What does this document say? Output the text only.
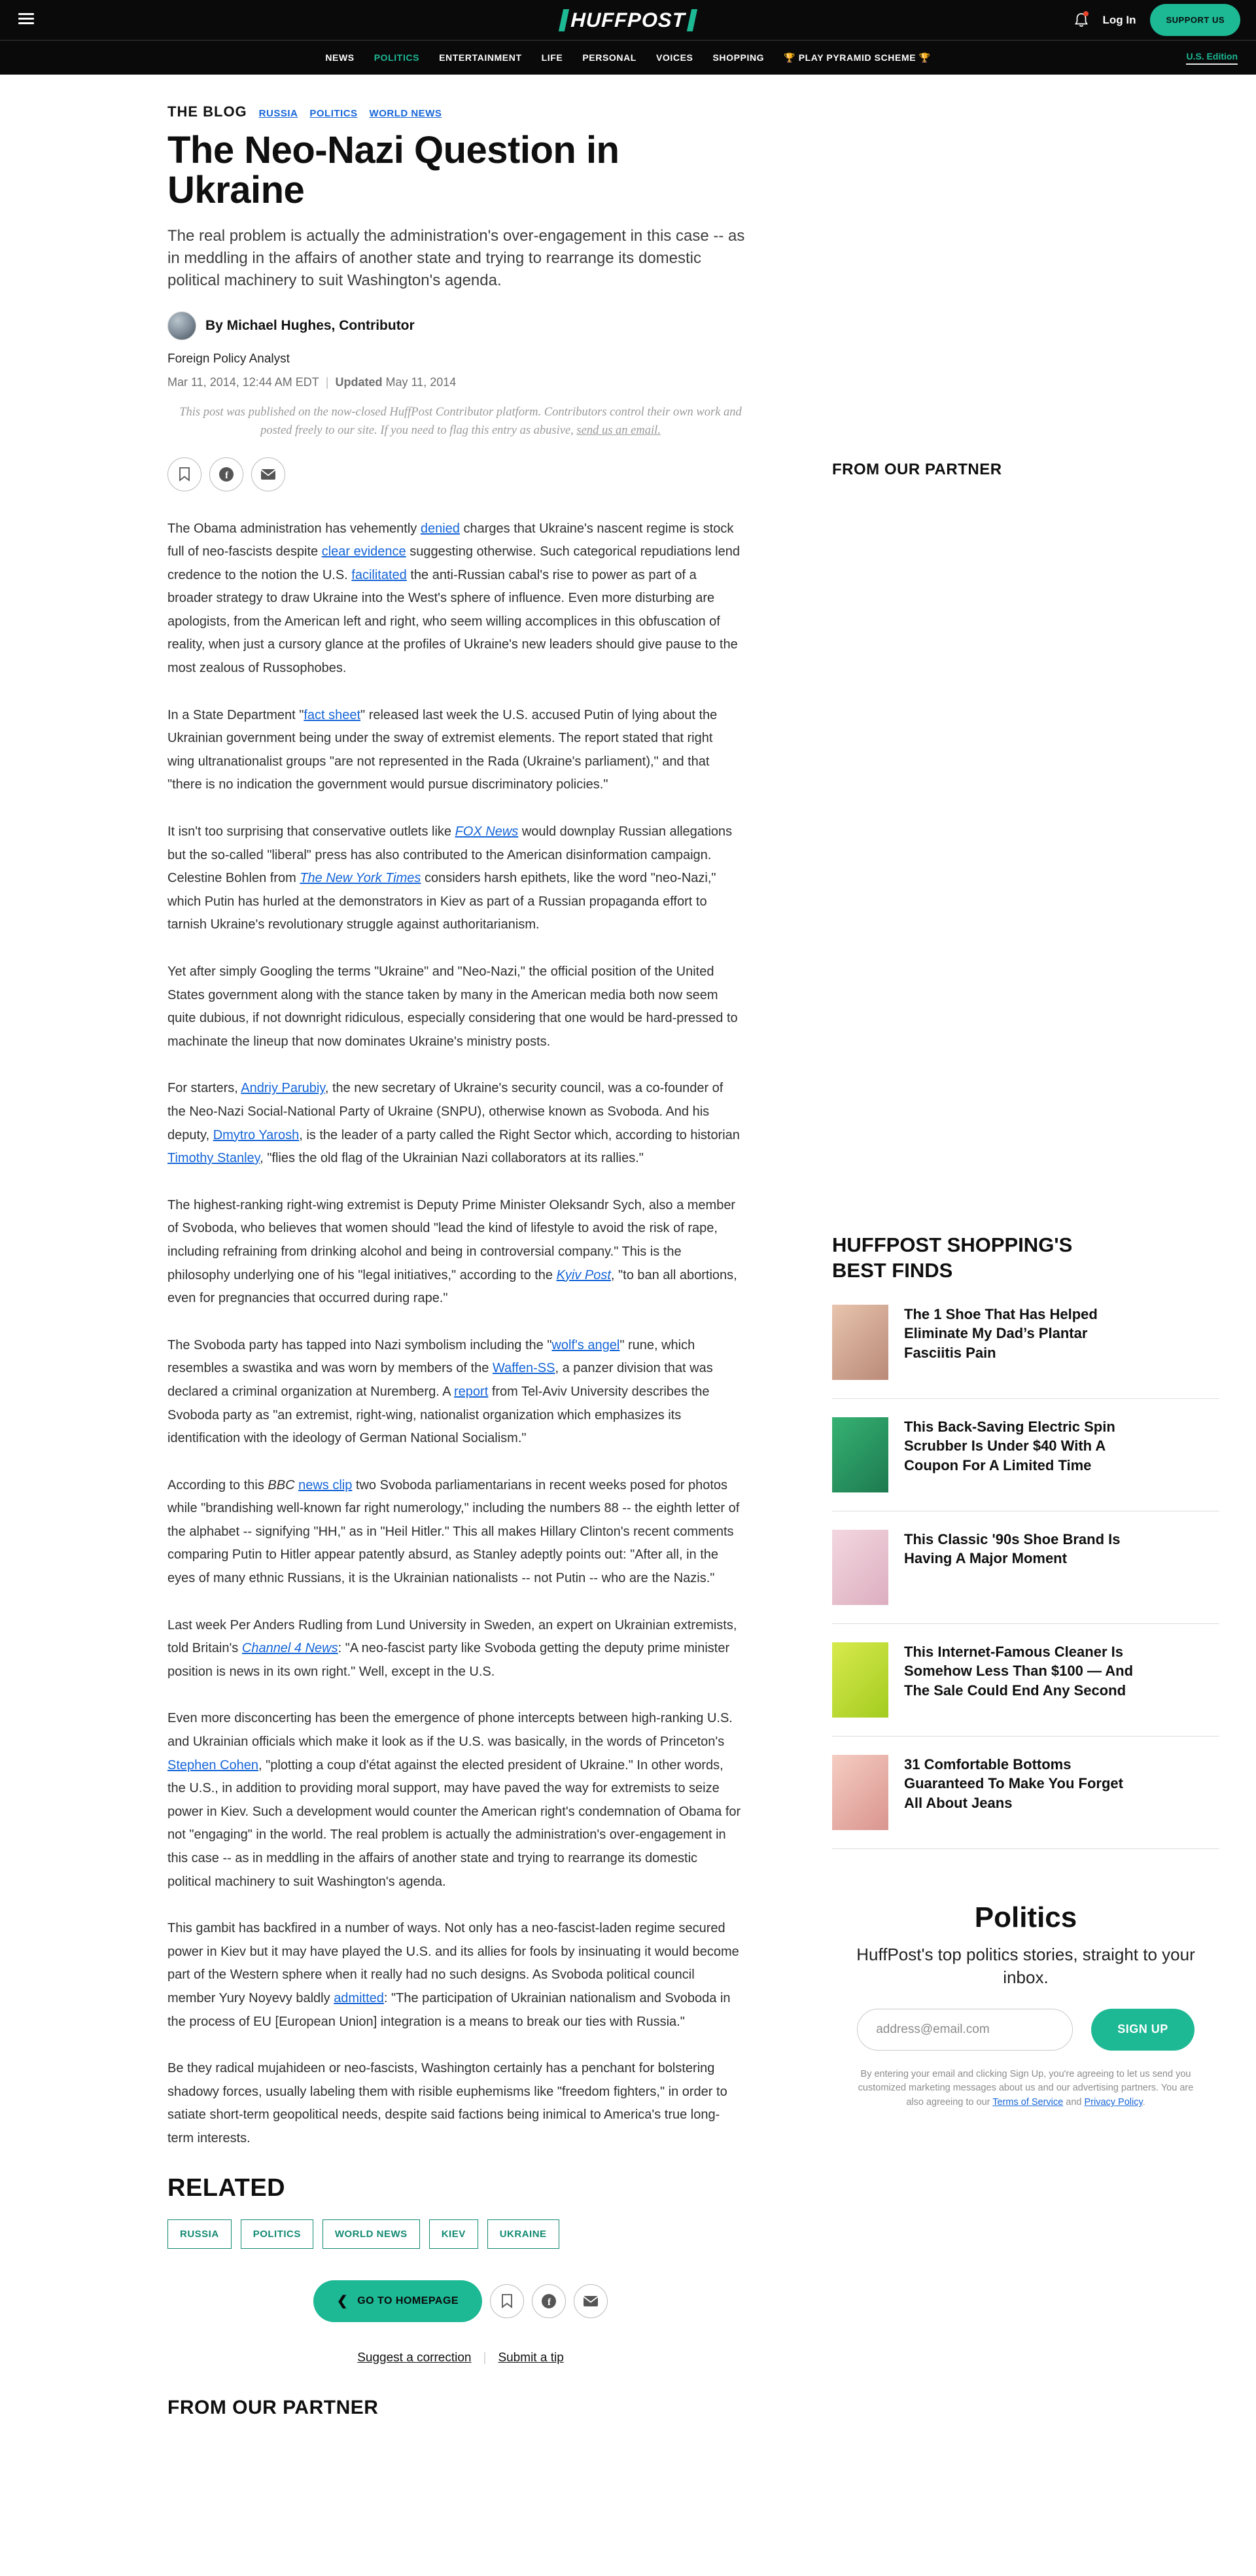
HUFFPOST	Log In	SUPPORT US
NEWS POLITICS ENTERTAINMENT LIFE PERSONAL VOICES SHOPPING 🏆 PLAY PYRAMID SCHEME 🏆	U.S. Edition
THE BLOG RUSSIA POLITICS WORLD NEWS
The Neo-Nazi Question in Ukraine

The real problem is actually the administration's over-engagement in this case -- as in meddling in the affairs of another state and trying to rearrange its domestic political machinery to suit Washington's agenda.

By Michael Hughes, Contributor
Foreign Policy Analyst
Mar 11, 2014, 12:44 AM EDT | Updated May 11, 2014

This post was published on the now-closed HuffPost Contributor platform. Contributors control their own work and posted freely to our site. If you need to flag this entry as abusive, send us an email.

f

The Obama administration has vehemently denied charges that Ukraine's nascent regime is stock full of neo-fascists despite clear evidence suggesting otherwise. Such categorical repudiations lend credence to the notion the U.S. facilitated the anti-Russian cabal's rise to power as part of a broader strategy to draw Ukraine into the West's sphere of influence. Even more disturbing are apologists, from the American left and right, who seem willing accomplices in this obfuscation of reality, when just a cursory glance at the profiles of Ukraine's new leaders should give pause to the most zealous of Russophobes.

In a State Department "fact sheet" released last week the U.S. accused Putin of lying about the Ukrainian government being under the sway of extremist elements. The report stated that right wing ultranationalist groups "are not represented in the Rada (Ukraine's parliament)," and that "there is no indication the government would pursue discriminatory policies."

It isn't too surprising that conservative outlets like FOX News would downplay Russian allegations but the so-called "liberal" press has also contributed to the American disinformation campaign. Celestine Bohlen from The New York Times considers harsh epithets, like the word "neo-Nazi," which Putin has hurled at the demonstrators in Kiev as part of a Russian propaganda effort to tarnish Ukraine's revolutionary struggle against authoritarianism.

Yet after simply Googling the terms "Ukraine" and "Neo-Nazi," the official position of the United States government along with the stance taken by many in the American media both now seem quite dubious, if not downright ridiculous, especially considering that one would be hard-pressed to machinate the lineup that now dominates Ukraine's ministry posts.

For starters, Andriy Parubiy, the new secretary of Ukraine's security council, was a co-founder of the Neo-Nazi Social-National Party of Ukraine (SNPU), otherwise known as Svoboda. And his deputy, Dmytro Yarosh, is the leader of a party called the Right Sector which, according to historian Timothy Stanley, "flies the old flag of the Ukrainian Nazi collaborators at its rallies."

The highest-ranking right-wing extremist is Deputy Prime Minister Oleksandr Sych, also a member of Svoboda, who believes that women should "lead the kind of lifestyle to avoid the risk of rape, including refraining from drinking alcohol and being in controversial company." This is the philosophy underlying one of his "legal initiatives," according to the Kyiv Post, "to ban all abortions, even for pregnancies that occurred during rape."

The Svoboda party has tapped into Nazi symbolism including the "wolf's angel" rune, which resembles a swastika and was worn by members of the Waffen-SS, a panzer division that was declared a criminal organization at Nuremberg. A report from Tel-Aviv University describes the Svoboda party as "an extremist, right-wing, nationalist organization which emphasizes its identification with the ideology of German National Socialism."

According to this BBC news clip two Svoboda parliamentarians in recent weeks posed for photos while "brandishing well-known far right numerology," including the numbers 88 -- the eighth letter of the alphabet -- signifying "HH," as in "Heil Hitler." This all makes Hillary Clinton's recent comments comparing Putin to Hitler appear patently absurd, as Stanley adeptly points out: "After all, in the eyes of many ethnic Russians, it is the Ukrainian nationalists -- not Putin -- who are the Nazis."

Last week Per Anders Rudling from Lund University in Sweden, an expert on Ukrainian extremists, told Britain's Channel 4 News: "A neo-fascist party like Svoboda getting the deputy prime minister position is news in its own right." Well, except in the U.S.

Even more disconcerting has been the emergence of phone intercepts between high-ranking U.S. and Ukrainian officials which make it look as if the U.S. was basically, in the words of Princeton's Stephen Cohen, "plotting a coup d'état against the elected president of Ukraine." In other words, the U.S., in addition to providing moral support, may have paved the way for extremists to seize power in Kiev. Such a development would counter the American right's condemnation of Obama for not "engaging" in the world. The real problem is actually the administration's over-engagement in this case -- as in meddling in the affairs of another state and trying to rearrange its domestic political machinery to suit Washington's agenda.

This gambit has backfired in a number of ways. Not only has a neo-fascist-laden regime secured power in Kiev but it may have played the U.S. and its allies for fools by insinuating it would become part of the Western sphere when it really had no such designs. As Svoboda political council member Yury Noyevy baldly admitted: "The participation of Ukrainian nationalism and Svoboda in the process of EU [European Union] integration is a means to break our ties with Russia."

Be they radical mujahideen or neo-fascists, Washington certainly has a penchant for bolstering shadowy forces, usually labeling them with risible euphemisms like "freedom fighters," in order to satiate short-term geopolitical needs, despite said factions being inimical to America's true long-term interests.

RELATED
RUSSIA	POLITICS	WORLD NEWS	KIEV	UKRAINE
❮ GO TO HOMEPAGE	f
Suggest a correction | Submit a tip
FROM OUR PARTNER
FROM OUR PARTNER
HUFFPOST SHOPPING'S BEST FINDS
The 1 Shoe That Has Helped Eliminate My Dad’s Plantar Fasciitis Pain
This Back-Saving Electric Spin Scrubber Is Under $40 With A Coupon For A Limited Time
This Classic '90s Shoe Brand Is Having A Major Moment
This Internet-Famous Cleaner Is Somehow Less Than $100 — And The Sale Could End Any Second
31 Comfortable Bottoms Guaranteed To Make You Forget All About Jeans
Politics

HuffPost's top politics stories, straight to your inbox.

address@email.com
SIGN UP

By entering your email and clicking Sign Up, you're agreeing to let us send you customized marketing messages about us and our advertising partners. You are also agreeing to our Terms of Service and Privacy Policy.
